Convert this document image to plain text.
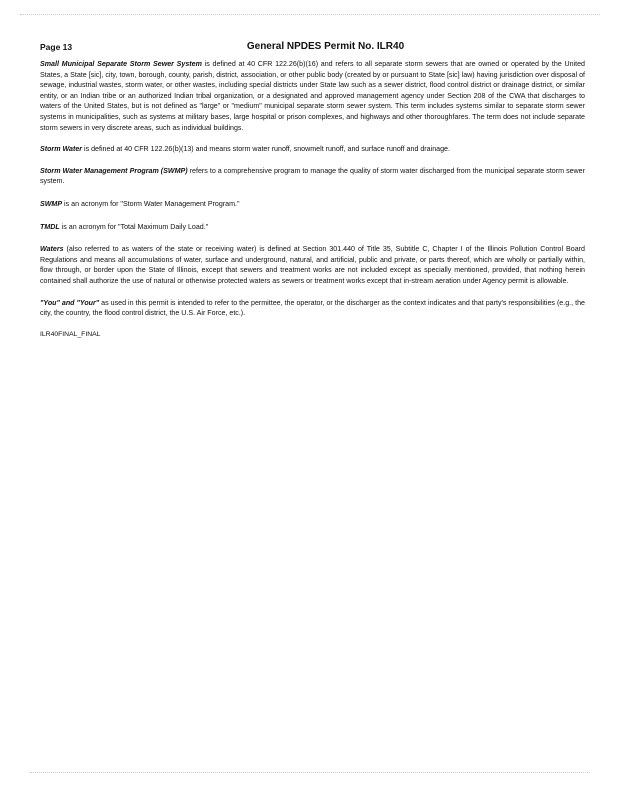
Page 13	General NPDES Permit No. ILR40

Small Municipal Separate Storm Sewer System is defined at 40 CFR 122.26(b)(16) and refers to all separate storm sewers that are owned or operated by the United States, a State [sic], city, town, borough, county, parish, district, association, or other public body (created by or pursuant to State [sic] law) having jurisdiction over disposal of sewage, industrial wastes, storm water, or other wastes, including special districts under State law such as a sewer district, flood control district or drainage district, or similar entity, or an Indian tribe or an authorized Indian tribal organization, or a designated and approved management agency under Section 208 of the CWA that discharges to waters of the United States, but is not defined as "large" or "medium" municipal separate storm sewer system. This term includes systems similar to separate storm sewer systems in municipalities, such as systems at military bases, large hospital or prison complexes, and highways and other thoroughfares. The term does not include separate storm sewers in very discrete areas, such as individual buildings.

Storm Water is defined at 40 CFR 122.26(b)(13) and means storm water runoff, snowmelt runoff, and surface runoff and drainage.

Storm Water Management Program (SWMP) refers to a comprehensive program to manage the quality of storm water discharged from the municipal separate storm sewer system.

SWMP is an acronym for "Storm Water Management Program."

TMDL is an acronym for "Total Maximum Daily Load."

Waters (also referred to as waters of the state or receiving water) is defined at Section 301.440 of Title 35, Subtitle C, Chapter I of the Illinois Pollution Control Board Regulations and means all accumulations of water, surface and underground, natural, and artificial, public and private, or parts thereof, which are wholly or partially within, flow through, or border upon the State of Illinois, except that sewers and treatment works are not included except as specially mentioned, provided, that nothing herein contained shall authorize the use of natural or otherwise protected waters as sewers or treatment works except that in-stream aeration under Agency permit is allowable.

"You" and "Your" as used in this permit is intended to refer to the permittee, the operator, or the discharger as the context indicates and that party's responsibilities (e.g., the city, the country, the flood control district, the U.S. Air Force, etc.).

ILR40FINAL_FINAL
